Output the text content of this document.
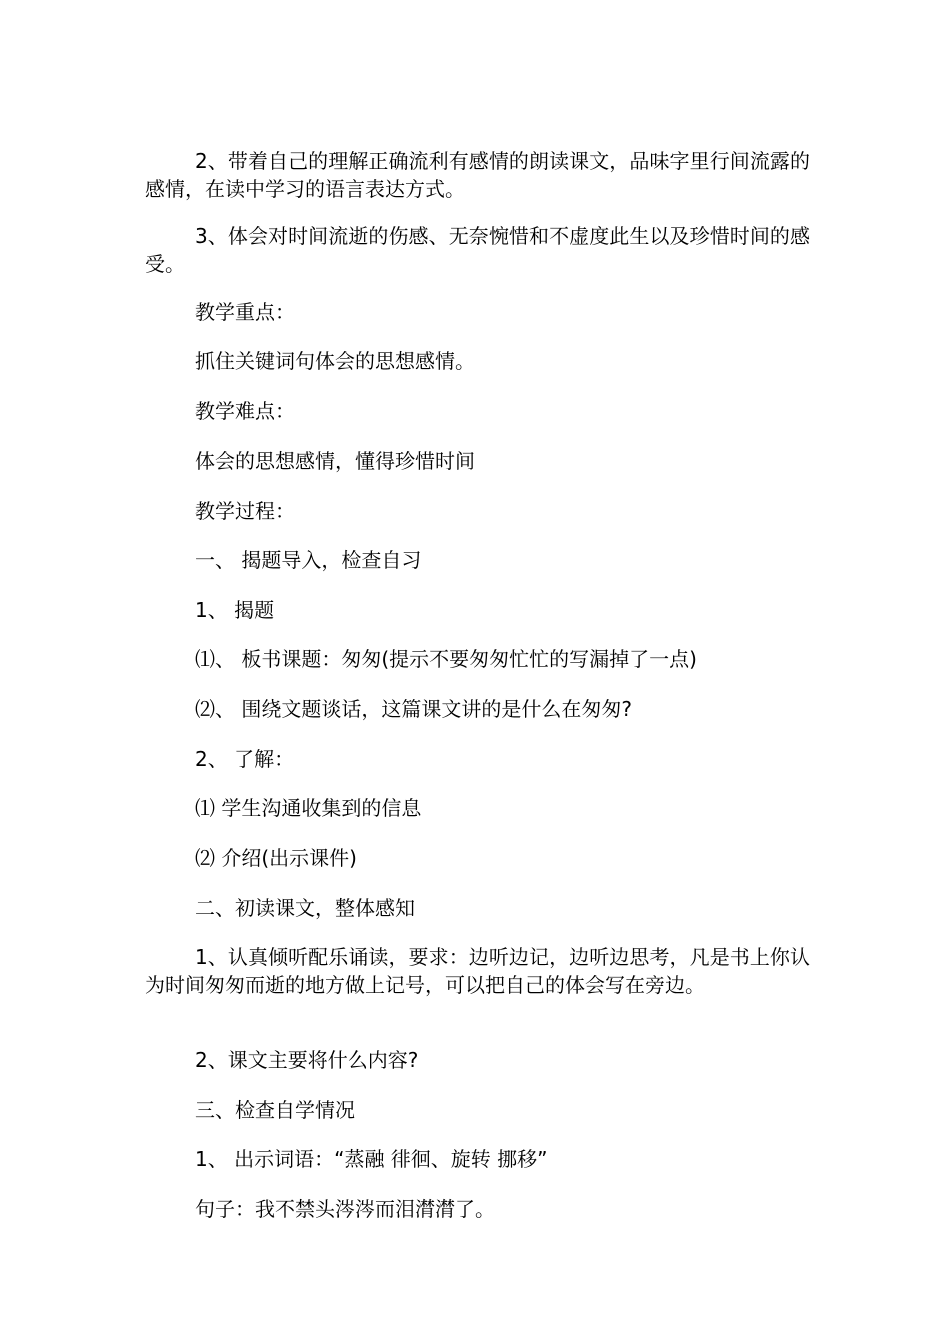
2、带着自己的理解正确流利有感情的朗读课文，品味字里行间流露的感情，在读中学习的语言表达方式。

3、体会对时间流逝的伤感、无奈惋惜和不虚度此生以及珍惜时间的感受。

教学重点：

抓住关键词句体会的思想感情。

教学难点：

体会的思想感情，懂得珍惜时间

教学过程：

一、 揭题导入，检查自习

1、 揭题

⑴、 板书课题：匆匆(提示不要匆匆忙忙的写漏掉了一点)

⑵、 围绕文题谈话，这篇课文讲的是什么在匆匆?

2、 了解：

⑴ 学生沟通收集到的信息

⑵ 介绍(出示课件)

二、初读课文，整体感知

1、认真倾听配乐诵读，要求：边听边记，边听边思考，凡是书上你认为时间匆匆而逝的地方做上记号，可以把自己的体会写在旁边。

2、课文主要将什么内容?

三、检查自学情况

1、 出示词语：“蒸融 徘徊、旋转 挪移”

句子：我不禁头涔涔而泪潸潸了。
